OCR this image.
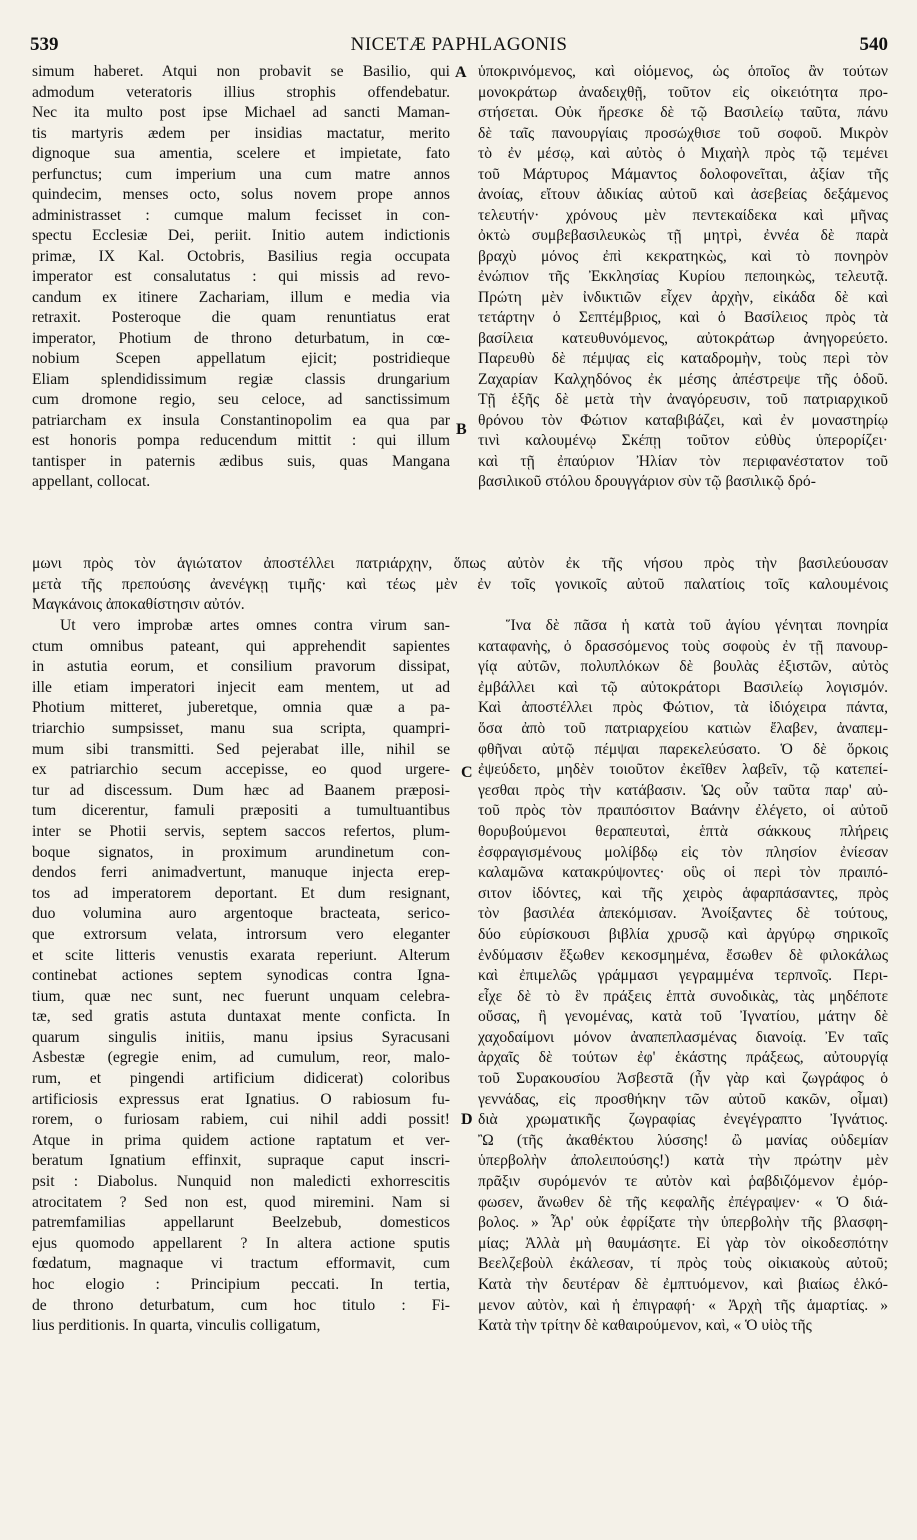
539	NICETÆ PAPHLAGONIS	540
A
B
C
D
simum haberet. Atqui non probavit se Basilio, qui
admodum veteratoris illius strophis offendebatur.
Nec ita multo post ipse Michael ad sancti Maman-
tis martyris ædem per insidias mactatur, merito
dignoque sua amentia, scelere et impietate, fato
perfunctus; cum imperium una cum matre annos
quindecim, menses octo, solus novem prope annos
administrasset : cumque malum fecisset in con-
spectu Ecclesiæ Dei, periit. Initio autem indictionis
primæ, IX Kal. Octobris, Basilius regia occupata
imperator est consalutatus : qui missis ad revo-
candum ex itinere Zachariam, illum e media via
retraxit. Posteroque die quam renuntiatus erat
imperator, Photium de throno deturbatum, in cœ-
nobium Scepen appellatum ejicit; postridieque
Eliam splendidissimum regiæ classis drungarium
cum dromone regio, seu celoce, ad sanctissimum
patriarcham ex insula Constantinopolim ea qua par
est honoris pompa reducendum mittit : qui illum
tantisper in paternis ædibus suis, quas Mangana
appellant, collocat.
ὑποκρινόμενος, καὶ οἰόμενος, ὡς ὁποῖος ἂν τούτων
μονοκράτωρ ἀναδειχθῇ, τοῦτον εἰς οἰκειότητα προ-
στήσεται. Οὐκ ἤρεσκε δὲ τῷ Βασιλείῳ ταῦτα, πάνυ
δὲ ταῖς πανουργίαις προσώχθισε τοῦ σοφοῦ. Μικρὸν
τὸ ἐν μέσῳ, καὶ αὐτὸς ὁ Μιχαὴλ πρὸς τῷ τεμένει
τοῦ Μάρτυρος Μάμαντος δολοφονεῖται, ἀξίαν τῆς
ἀνοίας, εἴτουν ἀδικίας αὐτοῦ καὶ ἀσεβείας δεξάμενος
τελευτήν· χρόνους μὲν πεντεκαίδεκα καὶ μῆνας
ὀκτὼ συμβεβασιλευκὼς τῇ μητρὶ, ἐννέα δὲ παρὰ
βραχὺ μόνος ἐπὶ κεκρατηκὼς, καὶ τὸ πονηρὸν
ἐνώπιον τῆς Ἐκκλησίας Κυρίου πεποιηκὼς, τελευτᾷ.
Πρώτη μὲν ἰνδικτιῶν εἶχεν ἀρχὴν, εἰκάδα δὲ καὶ
τετάρτην ὁ Σεπτέμβριος, καὶ ὁ Βασίλειος πρὸς τὰ
βασίλεια κατευθυνόμενος, αὐτοκράτωρ ἀνηγορεύετο.
Παρευθὺ δὲ πέμψας εἰς καταδρομὴν, τοὺς περὶ τὸν
Ζαχαρίαν Καλχηδόνος ἐκ μέσης ἀπέστρεψε τῆς ὁδοῦ.
Τῇ ἑξῆς δὲ μετὰ τὴν ἀναγόρευσιν, τοῦ πατριαρχικοῦ
θρόνου τὸν Φώτιον καταβιβάζει, καὶ ἐν μοναστηρίῳ
τινὶ καλουμένῳ Σκέπῃ τοῦτον εὐθὺς ὑπερορίζει·
καὶ τῇ ἐπαύριον Ἠλίαν τὸν περιφανέστατον τοῦ
βασιλικοῦ στόλου δρουγγάριον σὺν τῷ βασιλικῷ δρό-
μωνι πρὸς τὸν ἁγιώτατον ἀποστέλλει πατριάρχην, ὅπως αὐτὸν ἐκ τῆς νήσου πρὸς τὴν βασιλεύουσαν
μετὰ τῆς πρεπούσης ἀνενέγκῃ τιμῆς· καὶ τέως μὲν ἐν τοῖς γονικοῖς αὐτοῦ παλατίοις τοῖς καλουμένοις
Μαγκάνοις ἀποκαθίστησιν αὐτόν.
Ut vero improbæ artes omnes contra virum san-
ctum omnibus pateant, qui apprehendit sapientes
in astutia eorum, et consilium pravorum dissipat,
ille etiam imperatori injecit eam mentem, ut ad
Photium mitteret, juberetque, omnia quæ a pa-
triarchio sumpsisset, manu sua scripta, quampri-
mum sibi transmitti. Sed pejerabat ille, nihil se
ex patriarchio secum accepisse, eo quod urgere-
tur ad discessum. Dum hæc ad Baanem præposi-
tum dicerentur, famuli præpositi a tumultuantibus
inter se Photii servis, septem saccos refertos, plum-
boque signatos, in proximum arundinetum con-
dendos ferri animadvertunt, manuque injecta erep-
tos ad imperatorem deportant. Et dum resignant,
duo volumina auro argentoque bracteata, serico-
que extrorsum velata, introrsum vero eleganter
et scite litteris venustis exarata reperiunt. Alterum
continebat actiones septem synodicas contra Igna-
tium, quæ nec sunt, nec fuerunt unquam celebra-
tæ, sed gratis astuta duntaxat mente conficta. In
quarum singulis initiis, manu ipsius Syracusani
Asbestæ (egregie enim, ad cumulum, reor, malo-
rum, et pingendi artificium didicerat) coloribus
artificiosis expressus erat Ignatius. O rabiosum fu-
rorem, o furiosam rabiem, cui nihil addi possit!
Atque in prima quidem actione raptatum et ver-
beratum Ignatium effinxit, supraque caput inscri-
psit : Diabolus. Nunquid non maledicti exhorrescitis
atrocitatem ? Sed non est, quod miremini. Nam si
patremfamilias appellarunt Beelzebub, domesticos
ejus quomodo appellarent ? In altera actione sputis
fœdatum, magnaque vi tractum efformavit, cum
hoc elogio : Principium peccati. In tertia,
de throno deturbatum, cum hoc titulo : Fi-
lius perditionis. In quarta, vinculis colligatum,
Ἵνα δὲ πᾶσα ἡ κατὰ τοῦ ἁγίου γένηται πονηρία
καταφανὴς, ὁ δρασσόμενος τοὺς σοφοὺς ἐν τῇ πανουρ-
γίᾳ αὐτῶν, πολυπλόκων δὲ βουλὰς ἐξιστῶν, αὐτὸς
ἐμβάλλει καὶ τῷ αὐτοκράτορι Βασιλείῳ λογισμόν.
Καὶ ἀποστέλλει πρὸς Φώτιον, τὰ ἰδιόχειρα πάντα,
ὅσα ἀπὸ τοῦ πατριαρχείου κατιὼν ἔλαβεν, ἀναπεμ-
φθῆναι αὐτῷ πέμψαι παρεκελεύσατο. Ὁ δὲ ὅρκοις
ἐψεύδετο, μηδὲν τοιοῦτον ἐκεῖθεν λαβεῖν, τῷ κατεπεί-
γεσθαι πρὸς τὴν κατάβασιν. Ὡς οὖν ταῦτα παρ' αὐ-
τοῦ πρὸς τὸν πραιπόσιτον Βαάνην ἐλέγετο, οἱ αὐτοῦ
θορυβούμενοι θεραπευταὶ, ἑπτὰ σάκκους πλήρεις
ἐσφραγισμένους μολίβδῳ εἰς τὸν πλησίον ἐνίεσαν
καλαμῶνα κατακρύψοντες· οὓς οἱ περὶ τὸν πραιπό-
σιτον ἰδόντες, καὶ τῆς χειρὸς ἁφαρπάσαντες, πρὸς
τὸν βασιλέα ἀπεκόμισαν. Ἀνοίξαντες δὲ τούτους,
δύο εὑρίσκουσι βιβλία χρυσῷ καὶ ἀργύρῳ σηρικοῖς
ἐνδύμασιν ἔξωθεν κεκοσμημένα, ἔσωθεν δὲ φιλοκάλως
καὶ ἐπιμελῶς γράμμασι γεγραμμένα τερπνοῖς. Περι-
εἶχε δὲ τὸ ἓν πράξεις ἑπτὰ συνοδικὰς, τὰς μηδέποτε
οὔσας, ἢ γενομένας, κατὰ τοῦ Ἰγνατίου, μάτην δὲ
χαχοδαίμονι μόνον ἀναπεπλασμένας διανοίᾳ. Ἐν ταῖς
ἀρχαῖς δὲ τούτων ἐφ' ἑκάστης πράξεως, αὐτουργίᾳ
τοῦ Συρακουσίου Ἀσβεστᾶ (ἦν γὰρ καὶ ζωγράφος ὁ
γεννάδας, εἰς προσθήκην τῶν αὐτοῦ κακῶν, οἶμαι)
διὰ χρωματικῆς ζωγραφίας ἐνεγέγραπτο Ἰγνάτιος.
Ὢ (τῆς ἀκαθέκτου λύσσης! ὢ μανίας οὐδεμίαν
ὑπερβολὴν ἀπολειπούσης!) κατὰ τὴν πρώτην μὲν
πρᾶξιν συρόμενόν τε αὐτὸν καὶ ῥαβδιζόμενον ἐμόρ-
φωσεν, ἄνωθεν δὲ τῆς κεφαλῆς ἐπέγραψεν· « Ὁ διά-
βολος. » Ἆρ' οὐκ ἐφρίξατε τὴν ὑπερβολὴν τῆς βλασφη-
μίας; Ἀλλὰ μὴ θαυμάσητε. Εἰ γὰρ τὸν οἰκοδεσπότην
Βεελζεβοὺλ ἐκάλεσαν, τί πρὸς τοὺς οἰκιακοὺς αὐτοῦ;
Κατὰ τὴν δευτέραν δὲ ἐμπτυόμενον, καὶ βιαίως ἑλκό-
μενον αὐτὸν, καὶ ἡ ἐπιγραφή· « Ἀρχὴ τῆς ἁμαρτίας. »
Κατὰ τὴν τρίτην δὲ καθαιρούμενον, καὶ, « Ὁ υἱὸς τῆς
